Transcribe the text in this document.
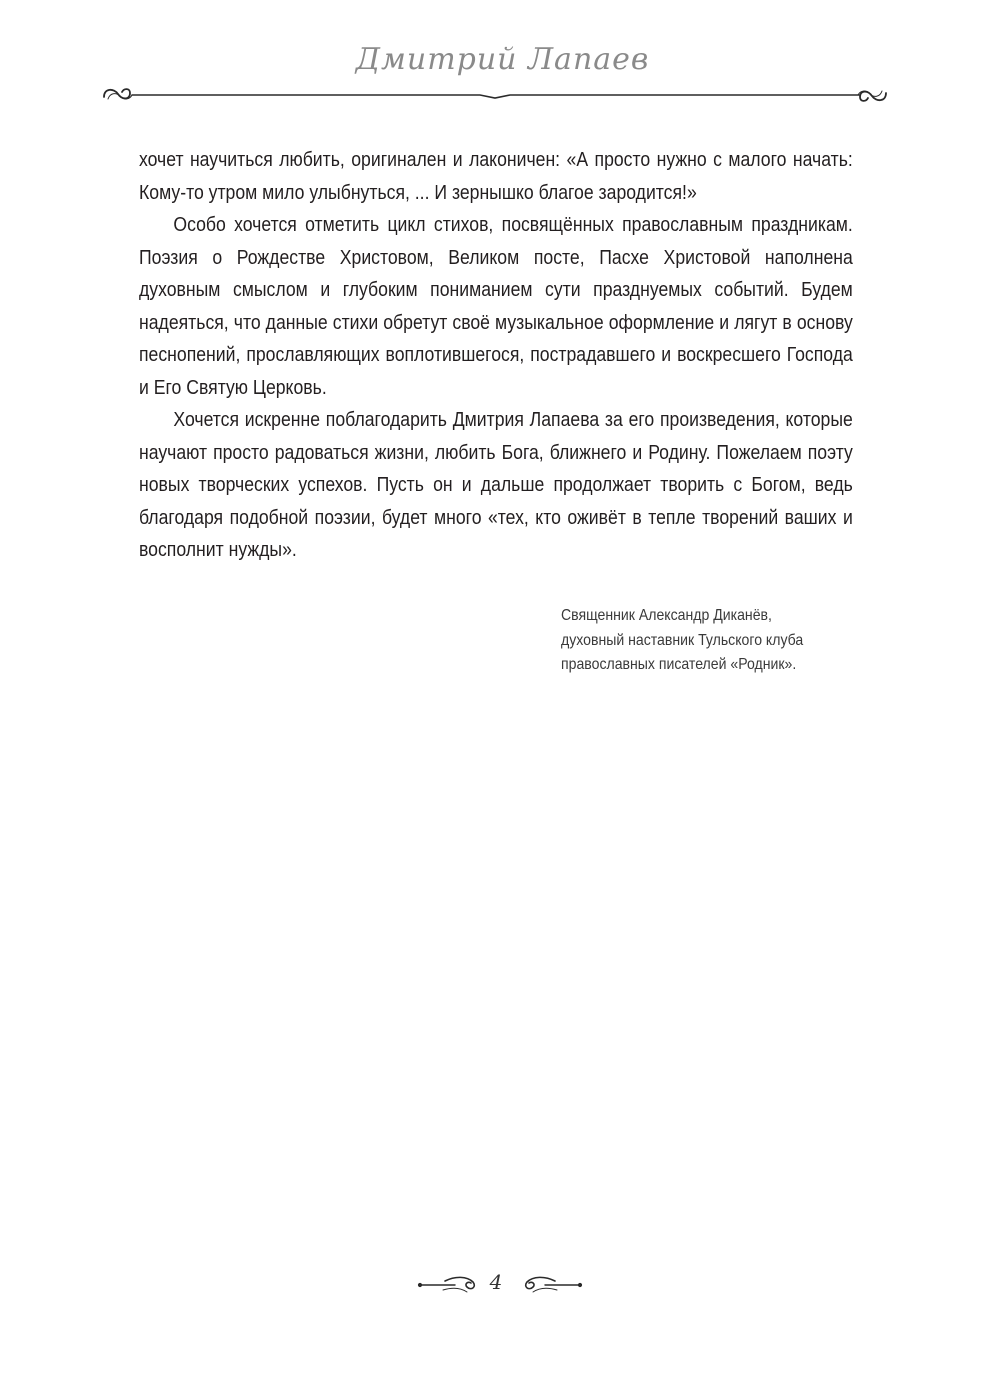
Дмитрий Лапаев

хочет научиться любить, оригинален и лаконичен: «А просто нужно с малого начать: Кому-то утром мило улыбнуться, ... И зернышко благое зародится!»

Особо хочется отметить цикл стихов, посвящённых православным праздникам. Поэзия о Рождестве Христовом, Великом посте, Пасхе Христовой наполнена духовным смыслом и глубоким пониманием сути празднуемых событий. Будем надеяться, что данные стихи обретут своё музыкальное оформление и лягут в основу песнопений, прославляющих воплотившегося, пострадавшего и воскресшего Господа и Его Святую Церковь.

Хочется искренне поблагодарить Дмитрия Лапаева за его произведения, которые научают просто радоваться жизни, любить Бога, ближнего и Родину. Пожелаем поэту новых творческих успехов. Пусть он и дальше продолжает творить с Богом, ведь благодаря подобной поэзии, будет много «тех, кто оживёт в тепле творений ваших и восполнит нужды».

Священник Александр Диканёв,
духовный наставник Тульского клуба
православных писателей «Родник».
4
